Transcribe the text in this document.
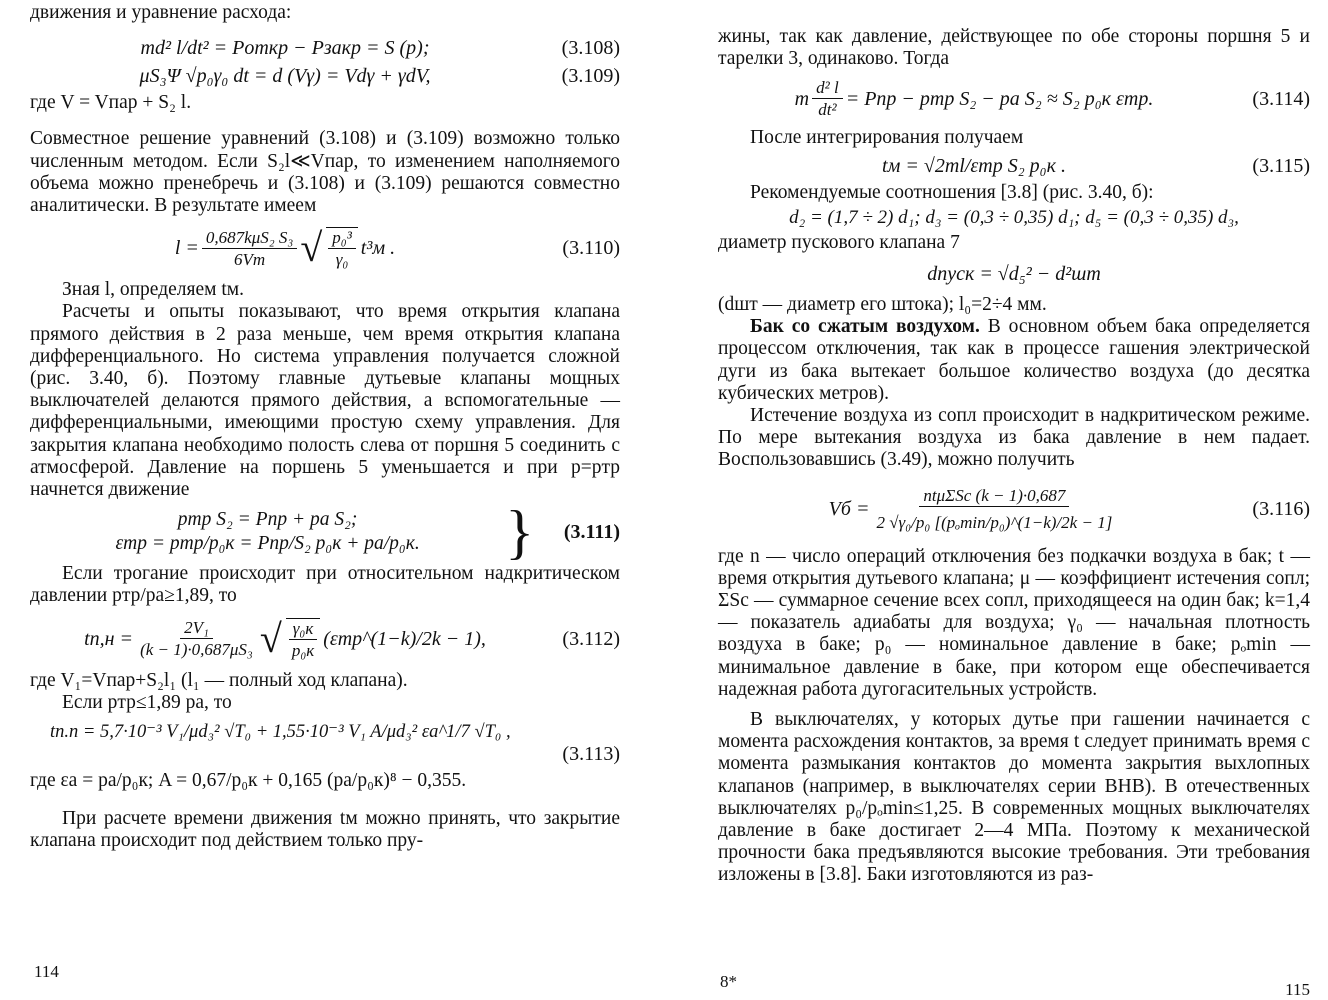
движения и уравнение расхода:

md² l/dt² = Pоткр − Pзакр = S (p);	(3.108)
μS₃Ψ √p₀γ₀ dt = d (Vγ) = Vdγ + γdV,	(3.109)

где V = Vпар + S₂ l.

Совместное решение уравнений (3.108) и (3.109) возможно только численным методом. Если S₂l≪Vпар, то изменением наполняемого объема можно пренебречь и (3.108) и (3.109) решаются совместно аналитически. В результате имеем

$l = \frac{\text{0,687kμS₂ S₃}}{6Vm}$ √ $\frac{\text{p₀³}}{\text{γ₀}} t^3м$ .	(3.110)

Зная l, определяем tм.

Расчеты и опыты показывают, что время открытия клапана прямого действия в 2 раза меньше, чем время открытия клапана дифференциального. Но система управления получается сложной (рис. 3.40, б). Поэтому главные дутьевые клапаны мощных выключателей делаются прямого действия, а вспомогательные — дифференциальными, имеющими простую схему управления. Для закрытия клапана необходимо полость слева от поршня 5 соединить с атмосферой. Давление на поршень 5 уменьшается и при p=pтр начнется движение

pтр S₂ = Pпр + pа S₂;
εтр = pтр/p₀к = Pпр/S₂ p₀к + pа/p₀к.	}	(3.111)

Если трогание происходит при относительном надкритическом давлении pтр/pа≥1,89, то

$tп,н = \frac{\text{2V₁}}{\text{(k − 1)·0,687μS₃}}$ √ $\frac{\text{γ₀к}}{\text{p₀к}}$ (εтр^(1−k)/2k − 1),	(3.112)

где V₁=Vпар+S₂l₁ (l₁ — полный ход клапана).

Если pтр≤1,89 pа, то

tп.п = 5,7·10⁻³ V₁/μd₃² √T₀ + 1,55·10⁻³ V₁ A/μd₃² εа^1/7 √T₀ ,
(3.113)

где εа = pа/p₀к; A = 0,67/p₀к + 0,165 (pа/p₀к)⁸ − 0,355.

При расчете времени движения tм можно принять, что закрытие клапана происходит под действием только пру-

114

жины, так как давление, действующее по обе стороны поршня 5 и тарелки 3, одинаково. Тогда

m $\frac{\text{d² l}}{\text{dt²}}$ = Pпр − pтр S₂ − pа S₂ ≈ S₂ p₀к εтр.	(3.114)

После интегрирования получаем

tм = √2ml/εтр S₂ p₀к .	(3.115)

Рекомендуемые соотношения [3.8] (рис. 3.40, б):

d₂ = (1,7 ÷ 2) d₁; d₃ = (0,3 ÷ 0,35) d₁; d₅ = (0,3 ÷ 0,35) d₃,

диаметр пускового клапана 7

dпуск = √d₅² − d²шт

(dшт — диаметр его штока); l₀=2÷4 мм.

Бак со сжатым воздухом. В основном объем бака определяется процессом отключения, так как в процессе гашения электрической дуги из бака вытекает большое количество воздуха (до десятка кубических метров).

Истечение воздуха из сопл происходит в надкритическом режиме. По мере вытекания воздуха из бака давление в нем падает. Воспользовавшись (3.49), можно получить

Vб = $\frac{\text{ntμΣSс (k − 1)·0,687}}{\text{2 √γ₀/p₀ [(pₒmin/p₀)\textasciicircum{}(1−k)/2k − 1]}}$	(3.116)

где n — число операций отключения без подкачки воздуха в бак; t — время открытия дутьевого клапана; μ — коэффициент истечения сопл; ΣSс — суммарное сечение всех сопл, приходящееся на один бак; k=1,4 — показатель адиабаты для воздуха; γ₀ — начальная плотность воздуха в баке; p₀ — номинальное давление в баке; pₒmin — минимальное давление в баке, при котором еще обеспечивается надежная работа дугогасительных устройств.

В выключателях, у которых дутье при гашении начинается с момента расхождения контактов, за время t следует принимать время с момента размыкания контактов до момента закрытия выхлопных клапанов (например, в выключателях серии ВНВ). В отечественных выключателях p₀/pₒmin≤1,25. В современных мощных выключателях давление в баке достигает 2—4 МПа. Поэтому к механической прочности бака предъявляются высокие требования. Эти требования изложены в [3.8]. Баки изготовляются из раз-

8*	115
